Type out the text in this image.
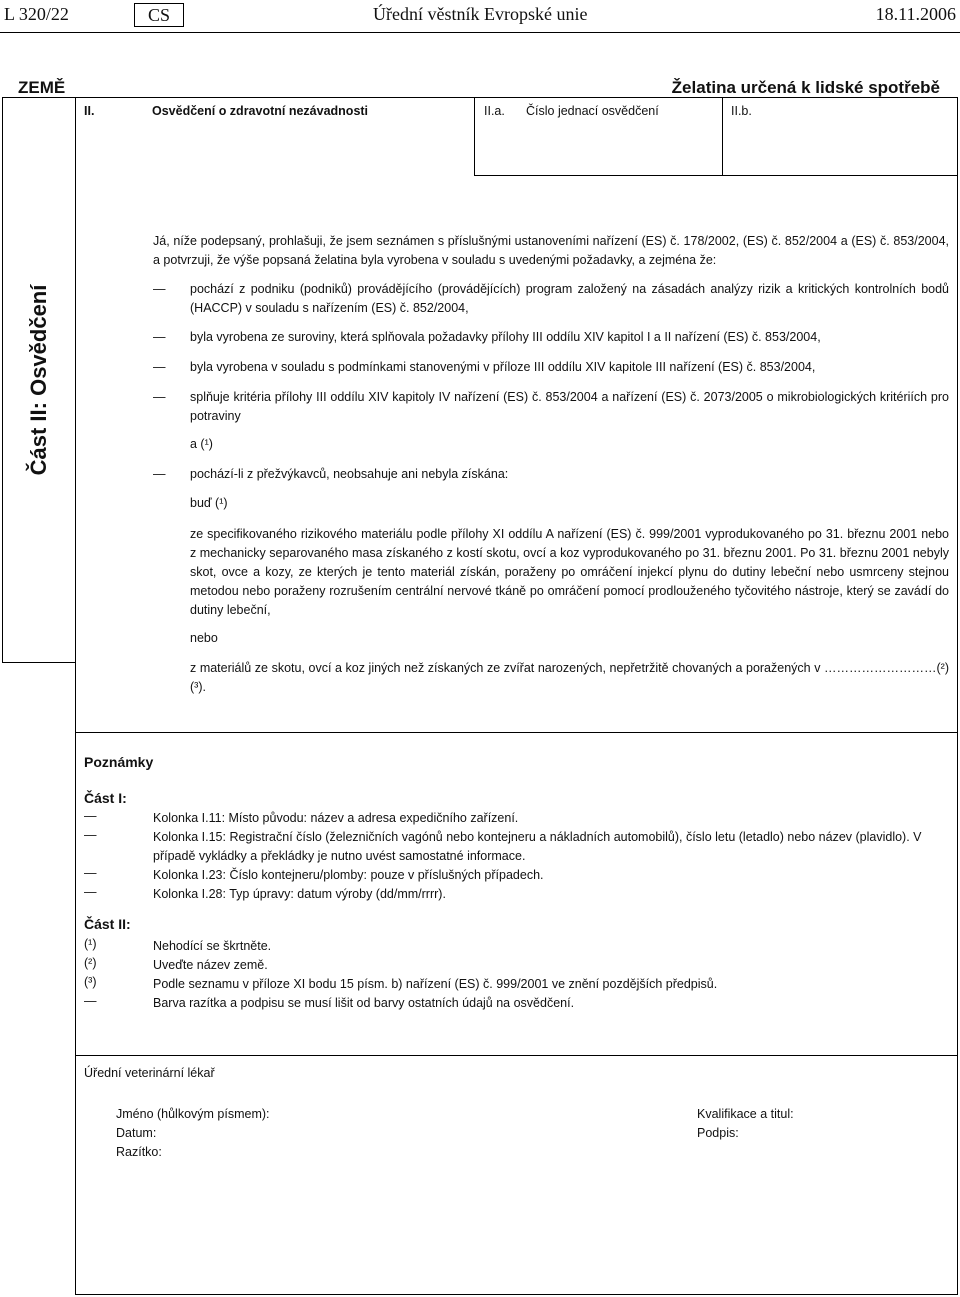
L 320/22	CS	Úřední věstník Evropské unie	18.11.2006
ZEMĚ	Želatina určená k lidské spotřebě
II.	Osvědčení o zdravotní nezávadnosti	II.a. Číslo jednací osvědčení	II.b.
Část II: Osvědčení
Já, níže podepsaný, prohlašuji, že jsem seznámen s příslušnými ustanoveními nařízení (ES) č. 178/2002, (ES) č. 852/2004 a (ES) č. 853/2004, a potvrzuji, že výše popsaná želatina byla vyrobena v souladu s uvedenými požadavky, a zejména že:
— pochází z podniku (podniků) provádějícího (provádějících) program založený na zásadách analýzy rizik a kritických kontrolních bodů (HACCP) v souladu s nařízením (ES) č. 852/2004,
— byla vyrobena ze suroviny, která splňovala požadavky přílohy III oddílu XIV kapitol I a II nařízení (ES) č. 853/2004,
— byla vyrobena v souladu s podmínkami stanovenými v příloze III oddílu XIV kapitole III nařízení (ES) č. 853/2004,
— splňuje kritéria přílohy III oddílu XIV kapitoly IV nařízení (ES) č. 853/2004 a nařízení (ES) č. 2073/2005 o mikrobiologických kritériích pro potraviny
a (¹)
— pochází-li z přežvýkavců, neobsahuje ani nebyla získána:
buď (¹)
ze specifikovaného rizikového materiálu podle přílohy XI oddílu A nařízení (ES) č. 999/2001 vyprodukovaného po 31. březnu 2001 nebo z mechanicky separovaného masa získaného z kostí skotu, ovcí a koz vyprodukovaného po 31. březnu 2001. Po 31. březnu 2001 nebyly skot, ovce a kozy, ze kterých je tento materiál získán, poraženy po omráčení injekcí plynu do dutiny lebeční nebo usmrceny stejnou metodou nebo poraženy rozrušením centrální nervové tkáně po omráčení pomocí prodlouženého tyčovitého nástroje, který se zavádí do dutiny lebeční,
nebo
z materiálů ze skotu, ovcí a koz jiných než získaných ze zvířat narozených, nepřetržitě chovaných a poražených v ………………………(²) (³).
Poznámky
Část I:
—	Kolonka I.11: Místo původu: název a adresa expedičního zařízení.
—	Kolonka I.15: Registrační číslo (železničních vagónů nebo kontejneru a nákladních automobilů), číslo letu (letadlo) nebo název (plavidlo). V případě vykládky a překládky je nutno uvést samostatné informace.
—	Kolonka I.23: Číslo kontejneru/plomby: pouze v příslušných případech.
—	Kolonka I.28: Typ úpravy: datum výroby (dd/mm/rrrr).
Část II:
(¹)	Nehodící se škrtněte.
(²)	Uveďte název země.
(³)	Podle seznamu v příloze XI bodu 15 písm. b) nařízení (ES) č. 999/2001 ve znění pozdějších předpisů.
—	Barva razítka a podpisu se musí lišit od barvy ostatních údajů na osvědčení.
Úřední veterinární lékař
Jméno (hůlkovým písmem):
Datum:
Razítko:
Kvalifikace a titul:
Podpis:
